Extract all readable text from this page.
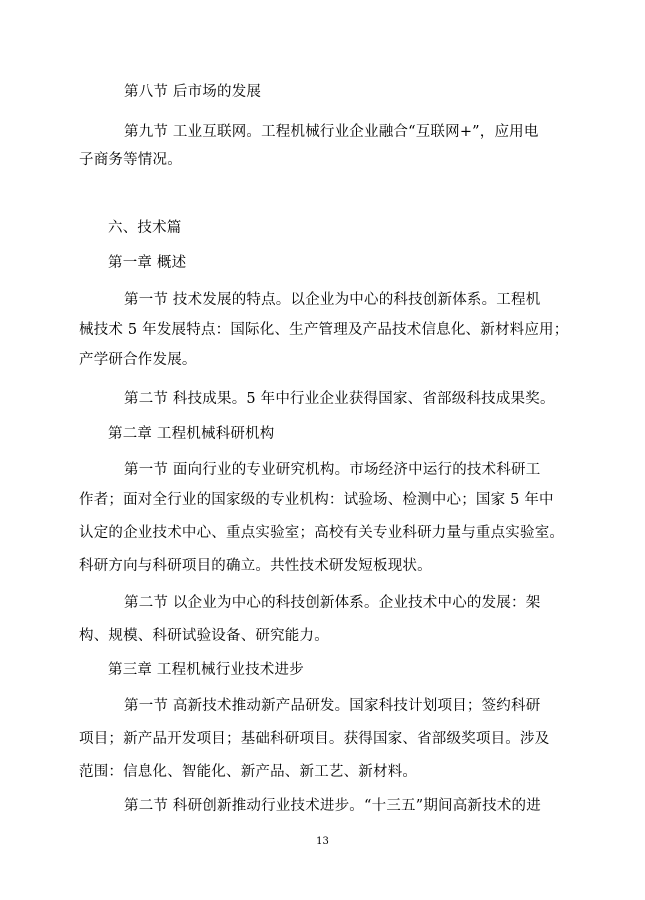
第八节 后市场的发展
第九节 工业互联网。工程机械行业企业融合“互联网+”，应用电
子商务等情况。
六、技术篇
第一章 概述
第一节 技术发展的特点。以企业为中心的科技创新体系。工程机
械技术 5 年发展特点：国际化、生产管理及产品技术信息化、新材料应用；
产学研合作发展。
第二节 科技成果。5 年中行业企业获得国家、省部级科技成果奖。
第二章 工程机械科研机构
第一节 面向行业的专业研究机构。市场经济中运行的技术科研工
作者；面对全行业的国家级的专业机构：试验场、检测中心；国家 5 年中
认定的企业技术中心、重点实验室；高校有关专业科研力量与重点实验室。
科研方向与科研项目的确立。共性技术研发短板现状。
第二节 以企业为中心的科技创新体系。企业技术中心的发展：架
构、规模、科研试验设备、研究能力。
第三章 工程机械行业技术进步
第一节 高新技术推动新产品研发。国家科技计划项目；签约科研
项目；新产品开发项目；基础科研项目。获得国家、省部级奖项目。涉及
范围：信息化、智能化、新产品、新工艺、新材料。
第二节 科研创新推动行业技术进步。“十三五”期间高新技术的进
13
